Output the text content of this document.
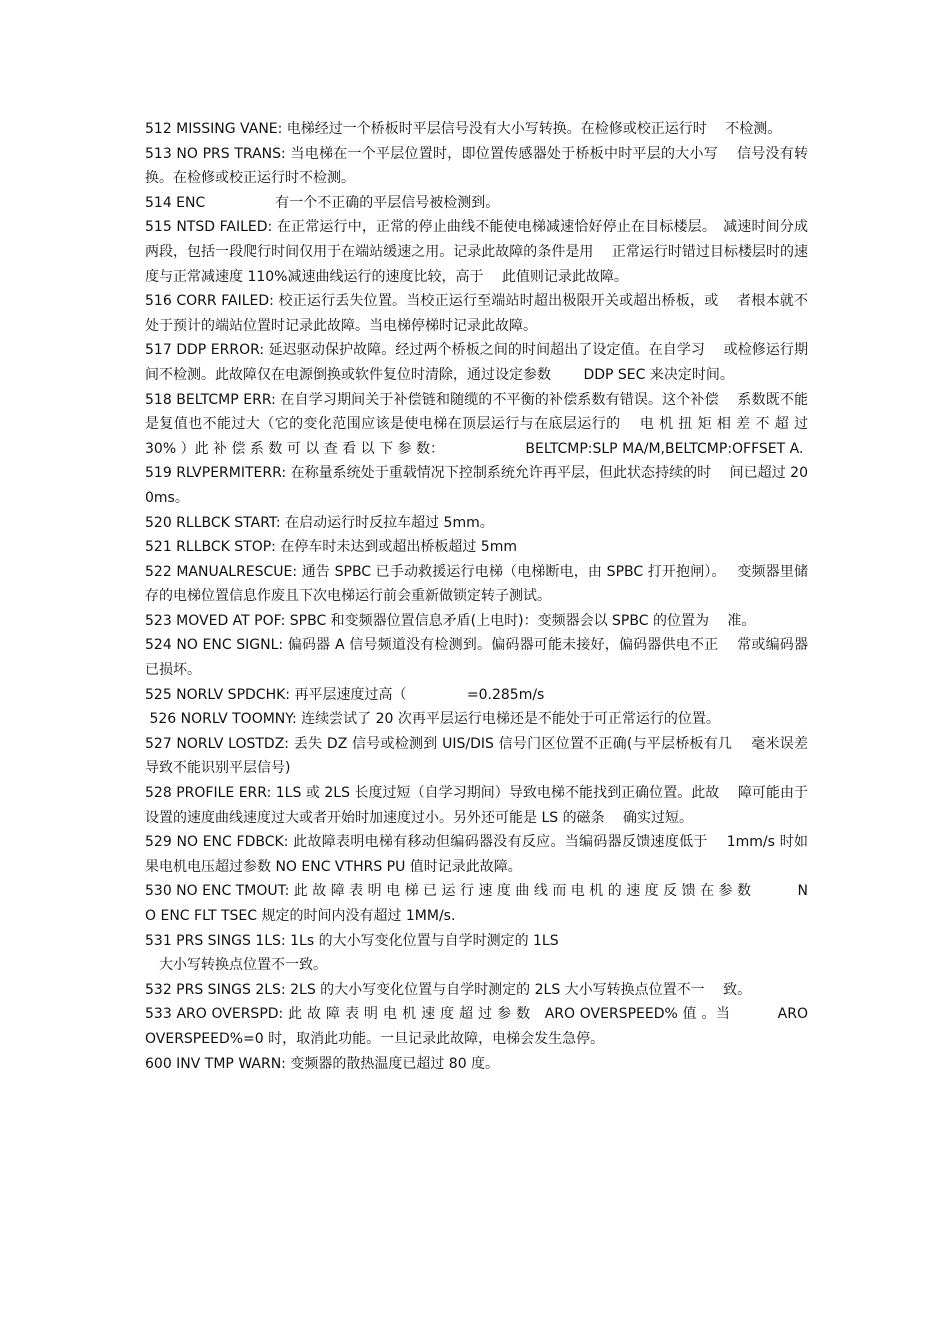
512 MISSING VANE: 电梯经过一个桥板时平层信号没有大小写转换。在检修或校正运行时　 不检测。

513 NO PRS TRANS: 当电梯在一个平层位置时，即位置传感器处于桥板中时平层的大小写　 信号没有转换。在检修或校正运行时不检测。

514 ENC　　　　　有一个不正确的平层信号被检测到。

515 NTSD FAILED: 在正常运行中，正常的停止曲线不能使电梯减速恰好停止在目标楼层。　减速时间分成两段，包括一段爬行时间仅用于在端站缓速之用。记录此故障的条件是用　 正常运行时错过目标楼层时的速度与正常减速度 110%减速曲线运行的速度比较，高于　 此值则记录此故障。

516 CORR FAILED: 校正运行丢失位置。当校正运行至端站时超出极限开关或超出桥板，或　 者根本就不处于预计的端站位置时记录此故障。当电梯停梯时记录此故障。

517 DDP ERROR: 延迟驱动保护故障。经过两个桥板之间的时间超出了设定值。在自学习　 或检修运行期间不检测。此故障仅在电源倒换或软件复位时清除，通过设定参数　　 DDP SEC 来决定时间。

518 BELTCMP ERR: 在自学习期间关于补偿链和随缆的不平衡的补偿系数有错误。这个补偿　 系数既不能是复值也不能过大（它的变化范围应该是使电梯在顶层运行与在底层运行的　 电 机 扭 矩 相 差 不 超 过　30% ）此 补 偿 系 数 可 以 查 看 以 下 参 数：　　　　　　 BELTCMP:SLP MA/M,BELTCMP:OFFSET A.

519 RLVPERMITERR: 在称量系统处于重载情况下控制系统允许再平层，但此状态持续的时　 间已超过 200ms。

520 RLLBCK START: 在启动运行时反拉车超过 5mm。

521 RLLBCK STOP: 在停车时未达到或超出桥板超过 5mm

522 MANUALRESCUE: 通告 SPBC 已手动救援运行电梯（电梯断电，由 SPBC 打开抱闸）。　 变频器里储存的电梯位置信息作废且下次电梯运行前会重新做锁定转子测试。

523 MOVED AT POF: SPBC 和变频器位置信息矛盾(上电时)：变频器会以 SPBC 的位置为　 准。

524 NO ENC SIGNL: 偏码器 A 信号频道没有检测到。偏码器可能未接好，偏码器供电不正　 常或编码器已损坏。

525 NORLV SPDCHK: 再平层速度过高（　　　　 =0.285m/s

526 NORLV TOOMNY: 连续尝试了 20 次再平层运行电梯还是不能处于可正常运行的位置。

527 NORLV LOSTDZ: 丢失 DZ 信号或检测到 UIS/DIS 信号门区位置不正确(与平层桥板有几　 毫米误差导致不能识别平层信号)

528 PROFILE ERR: 1LS 或 2LS 长度过短（自学习期间）导致电梯不能找到正确位置。此故　 障可能由于设置的速度曲线速度过大或者开始时加速度过小。另外还可能是 LS 的磁条　 确实过短。

529 NO ENC FDBCK: 此故障表明电梯有移动但编码器没有反应。当编码器反馈速度低于　 1mm/s 时如果电机电压超过参数 NO ENC VTHRS PU 值时记录此故障。

530 NO ENC TMOUT: 此 故 障 表 明 电 梯 已 运 行 速 度 曲 线 而 电 机 的 速 度 反 馈 在 参 数　　　 NO ENC FLT TSEC 规定的时间内没有超过 1MM/s.

531 PRS SINGS 1LS: 1Ls 的大小写变化位置与自学时测定的 1LS
　大小写转换点位置不一致。

532 PRS SINGS 2LS: 2LS 的大小写变化位置与自学时测定的 2LS 大小写转换点位置不一　 致。

533 ARO OVERSPD: 此 故 障 表 明 电 机 速 度 超 过 参 数　ARO OVERSPEED% 值 。当　　　 ARO OVERSPEED%=0 时，取消此功能。一旦记录此故障，电梯会发生急停。

600 INV TMP WARN: 变频器的散热温度已超过 80 度。
